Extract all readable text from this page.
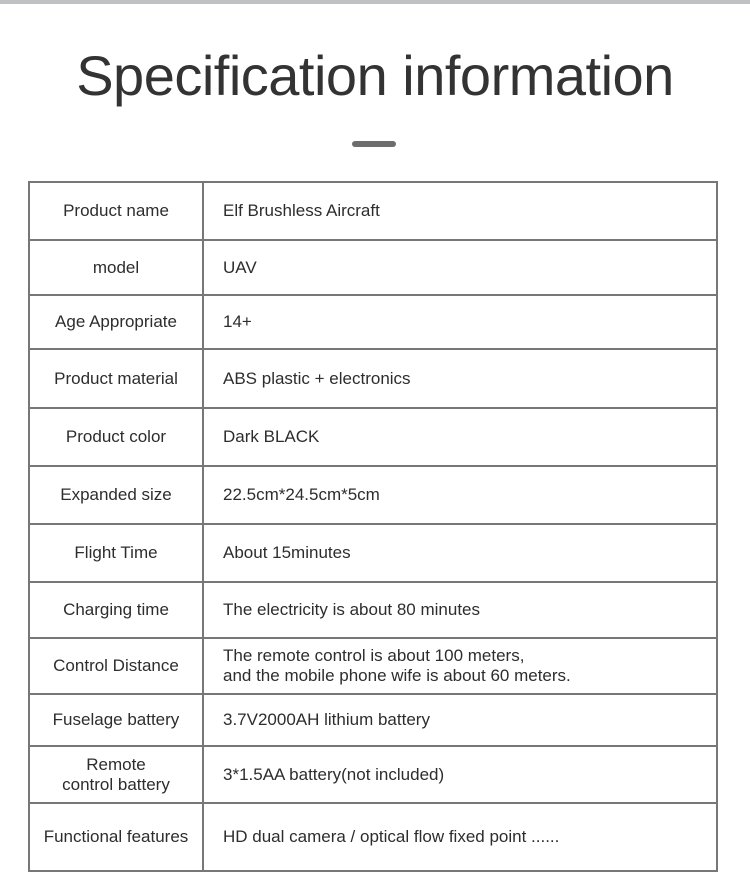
Specification information
Product name	Elf Brushless Aircraft
model	UAV
Age Appropriate	14+
Product material	ABS plastic + electronics
Product color	Dark BLACK
Expanded size	22.5cm*24.5cm*5cm
Flight Time	About 15minutes
Charging time	The electricity is about 80 minutes
Control Distance	The remote control is about 100 meters,
and the mobile phone wife is about 60 meters.

Fuselage battery	3.7V2000AH lithium battery

Remote
control battery	3*1.5AA battery(not included)
Functional features	HD dual camera / optical flow fixed point ......
